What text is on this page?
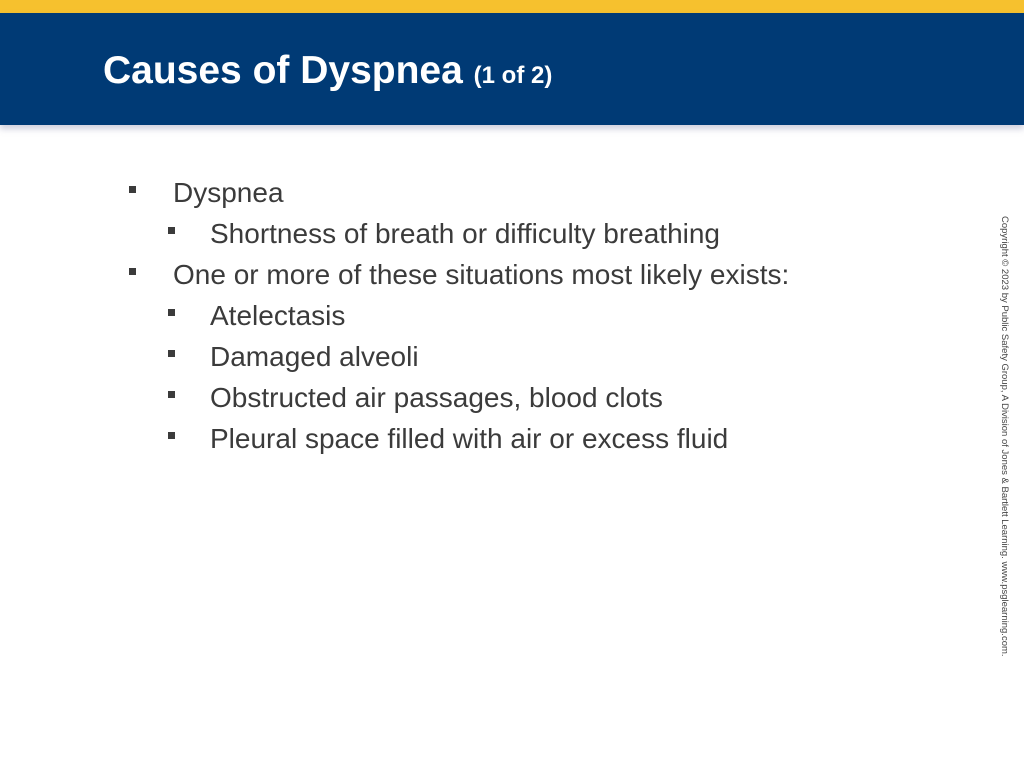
Causes of Dyspnea (1 of 2)
Dyspnea
Shortness of breath or difficulty breathing
One or more of these situations most likely exists:
Atelectasis
Damaged alveoli
Obstructed air passages, blood clots
Pleural space filled with air or excess fluid	Copyright © 2023 by Public Safety Group, A Division of Jones & Bartlett Learning. www.psglearning.com.
